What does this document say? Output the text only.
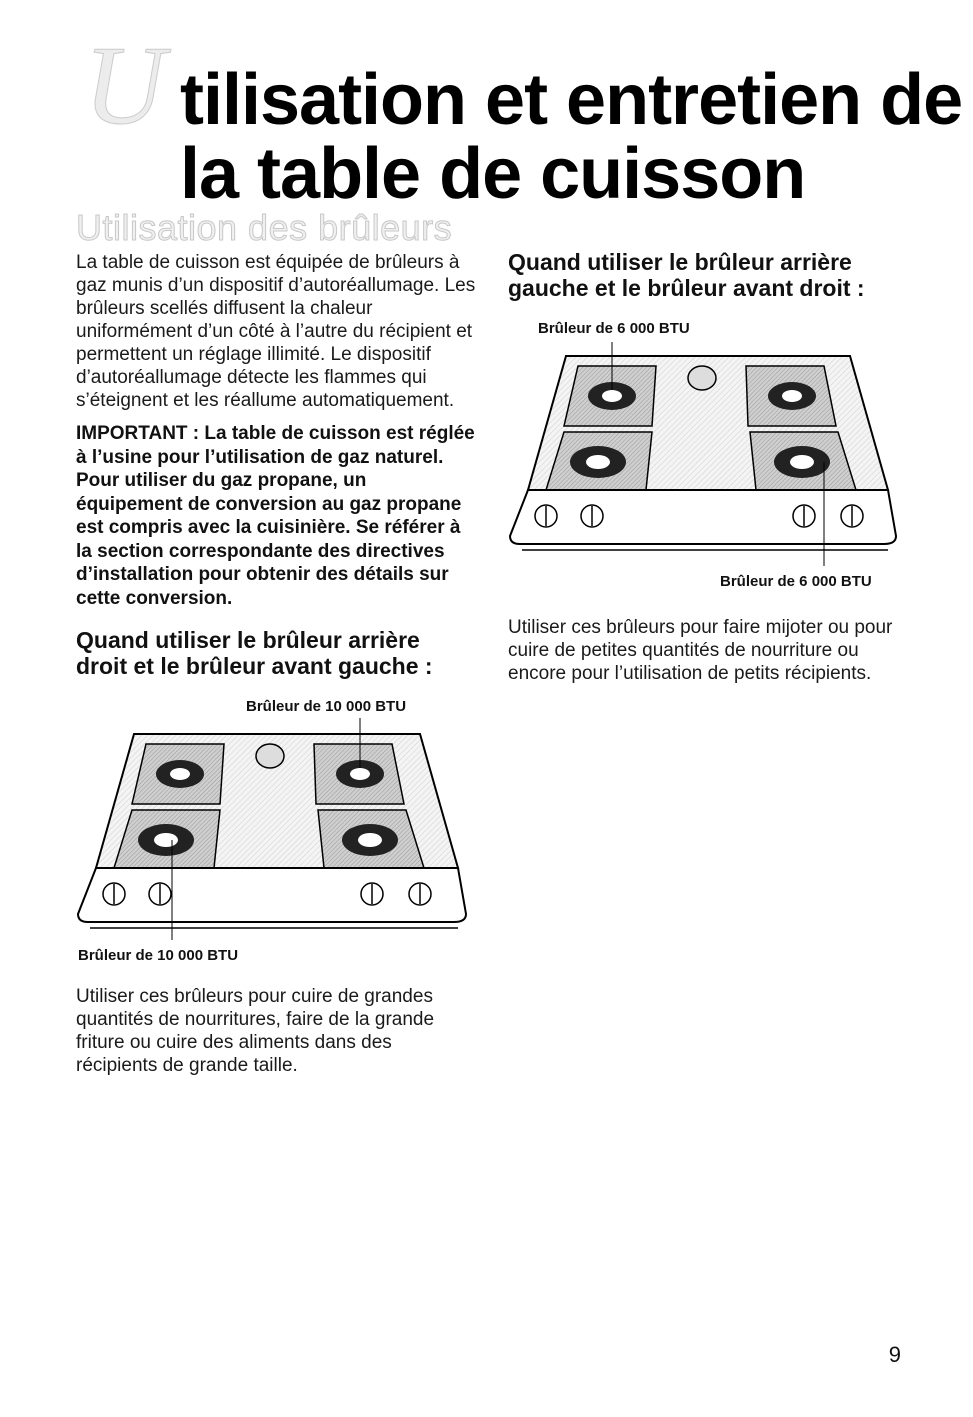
U tilisation et entretien de
la table de cuisson
Utilisation des brûleurs

La table de cuisson est équipée de brûleurs à gaz munis d’un dispositif d’autoréallumage. Les brûleurs scellés diffusent la chaleur uniformément d’un côté à l’autre du récipient et permettent un réglage illimité. Le dispositif d’autoréallumage détecte les flammes qui s’éteignent et les réallume automatiquement.

IMPORTANT : La table de cuisson est réglée à l’usine pour l’utilisation de gaz naturel. Pour utiliser du gaz propane, un équipement de conversion au gaz propane est compris avec la cuisinière. Se référer à la section correspondante des directives d’installation pour obtenir des détails sur cette conversion.

Quand utiliser le brûleur arrière droit et le brûleur avant gauche :

Brûleur de 10 000 BTU
Brûleur de 10 000 BTU

Utiliser ces brûleurs pour cuire de grandes quantités de nourritures, faire de la grande friture ou cuire des aliments dans des récipients de grande taille.

Quand utiliser le brûleur arrière gauche et le brûleur avant droit :

Brûleur de 6 000 BTU
Brûleur de 6 000 BTU

Utiliser ces brûleurs pour faire mijoter ou pour cuire de petites quantités de nourriture ou encore pour l’utilisation de petits récipients.

9
